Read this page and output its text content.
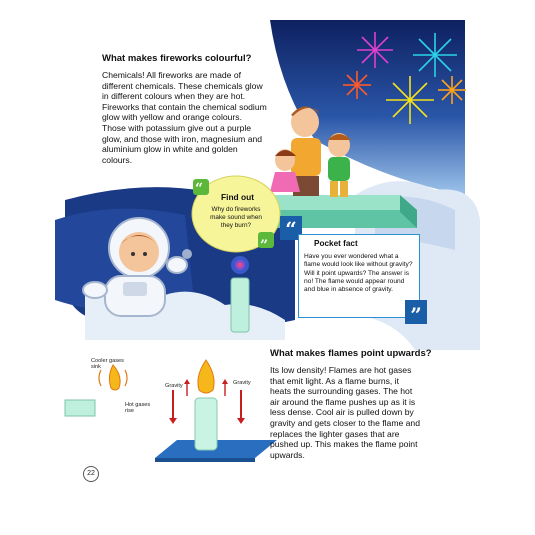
“
”
What makes fireworks colourful?
Chemicals! All fireworks are made of different chemicals. These chemicals glow in different colours when they are hot. Fireworks that contain the chemical sodium glow with yellow and orange colours. Those with potassium give out a purple glow, and those with iron, magnesium and aluminium glow in white and golden colours.
Find out
Why do fireworks make sound when they burn?	“
Pocket fact
Have you ever wondered what a flame would look like without gravity? Will it point upwards? The answer is no! The flame would appear round and blue in absence of gravity.
”
Cooler gases sink
Hot gases rise
Gravity	Gravity
What makes flames point upwards?
Its low density! Flames are hot gases that emit light. As a flame burns, it heats the surrounding gases. The hot air around the flame pushes up as it is less dense. Cool air is pulled down by gravity and gets closer to the flame and replaces the lighter gases that are pushed up. This makes the flame point upwards.
22
